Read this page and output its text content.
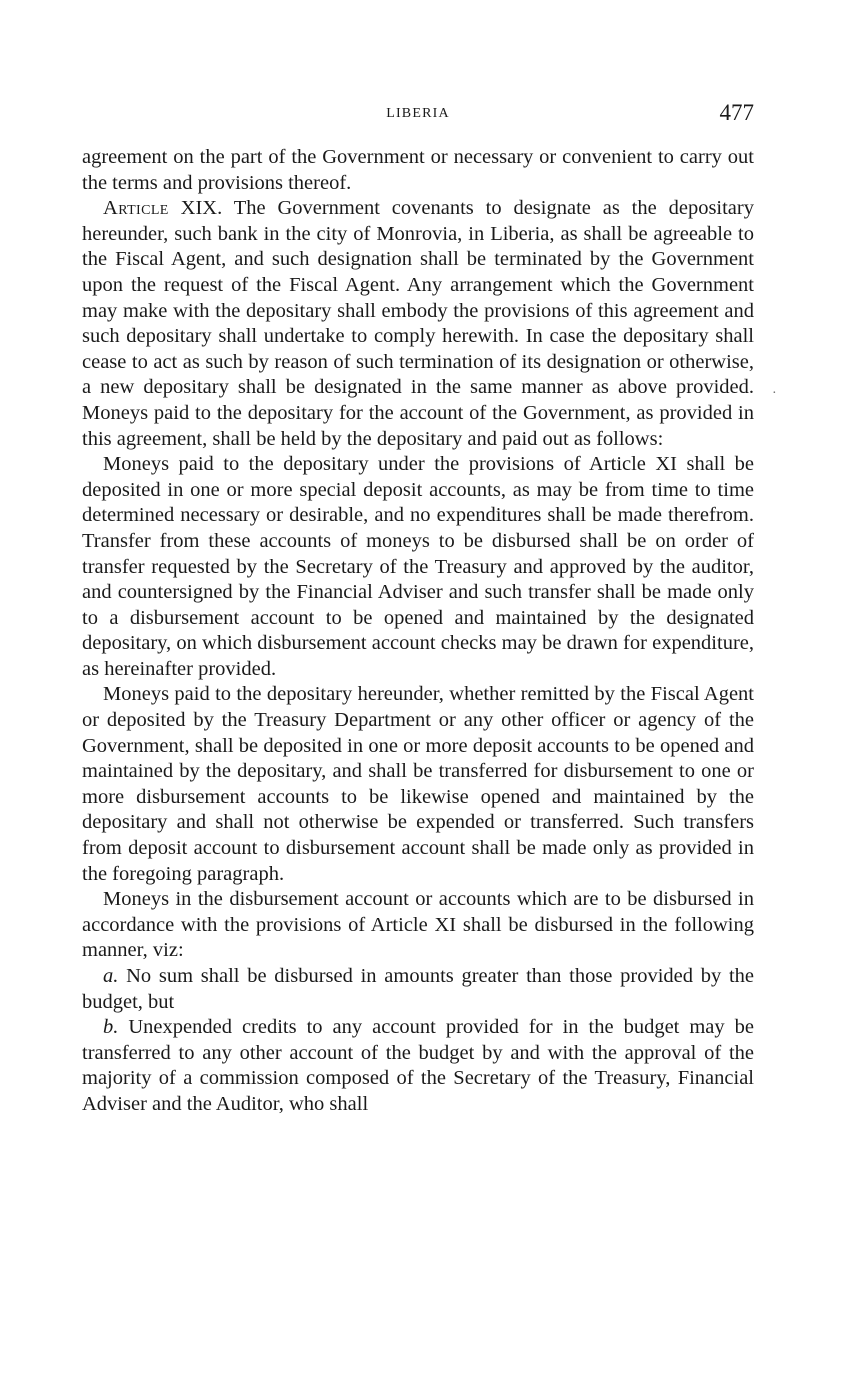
LIBERIA	477

agreement on the part of the Government or necessary or convenient to carry out the terms and provisions thereof.

Article XIX. The Government covenants to designate as the depositary hereunder, such bank in the city of Monrovia, in Liberia, as shall be agreeable to the Fiscal Agent, and such designation shall be terminated by the Government upon the request of the Fiscal Agent. Any arrangement which the Government may make with the depositary shall embody the provisions of this agreement and such depositary shall undertake to comply herewith. In case the depositary shall cease to act as such by reason of such termination of its designation or otherwise, a new depositary shall be designated in the same manner as above provided. Moneys paid to the depositary for the account of the Government, as provided in this agreement, shall be held by the depositary and paid out as follows:

Moneys paid to the depositary under the provisions of Article XI shall be deposited in one or more special deposit accounts, as may be from time to time determined necessary or desirable, and no expenditures shall be made therefrom. Transfer from these accounts of moneys to be disbursed shall be on order of transfer requested by the Secretary of the Treasury and approved by the auditor, and countersigned by the Financial Adviser and such transfer shall be made only to a disbursement account to be opened and maintained by the designated depositary, on which disbursement account checks may be drawn for expenditure, as hereinafter provided.

Moneys paid to the depositary hereunder, whether remitted by the Fiscal Agent or deposited by the Treasury Department or any other officer or agency of the Government, shall be deposited in one or more deposit accounts to be opened and maintained by the depositary, and shall be transferred for disbursement to one or more disbursement accounts to be likewise opened and maintained by the depositary and shall not otherwise be expended or transferred. Such transfers from deposit account to disbursement account shall be made only as provided in the foregoing paragraph.

Moneys in the disbursement account or accounts which are to be disbursed in accordance with the provisions of Article XI shall be disbursed in the following manner, viz:

a. No sum shall be disbursed in amounts greater than those provided by the budget, but

b. Unexpended credits to any account provided for in the budget may be transferred to any other account of the budget by and with the approval of the majority of a commission composed of the Secretary of the Treasury, Financial Adviser and the Auditor, who shall

·
